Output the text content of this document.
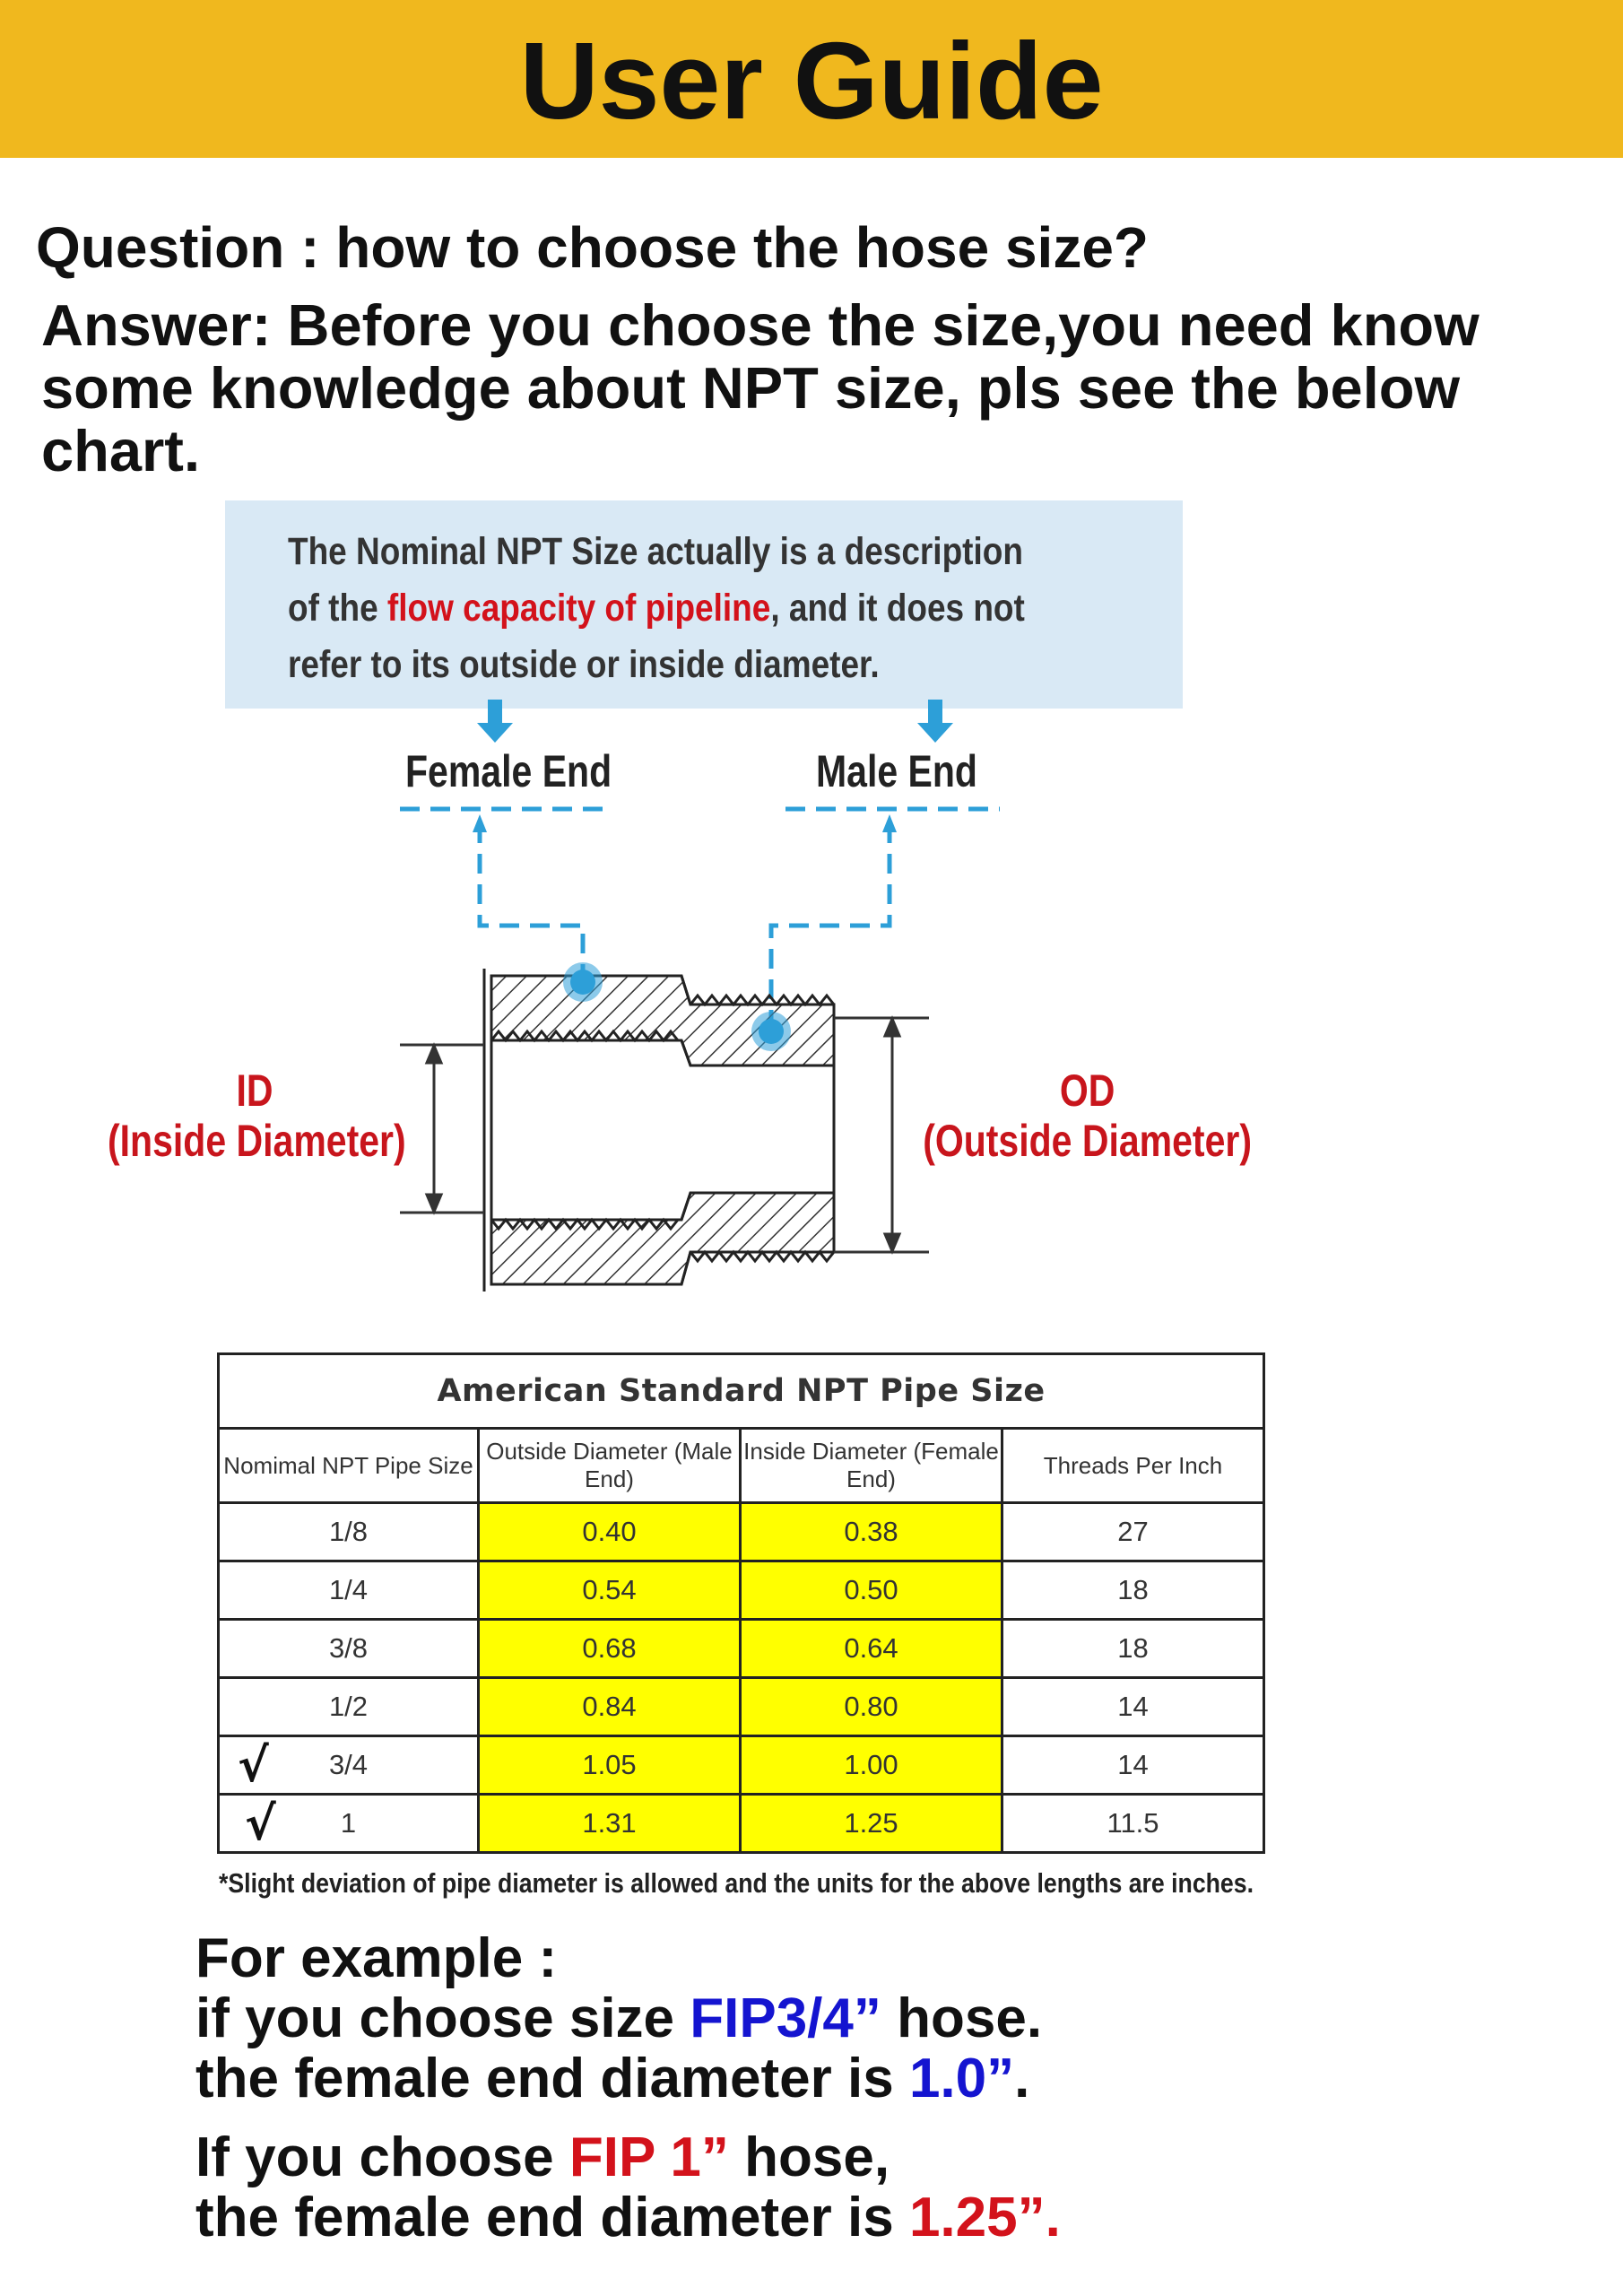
User Guide

Question : how to choose the hose size?

Answer: Before you choose the size,you need know some knowledge about NPT size, pls see the below chart.

The Nominal NPT Size actually is a description of the flow capacity of pipeline, and it does not refer to its outside or inside diameter.
Female End	Male End
ID
(Inside Diameter)
OD
(Outside Diameter)
American Standard NPT Pipe Size			
Nomimal NPT Pipe Size	Outside Diameter (Male End)	Inside Diameter (Female End)	Threads Per Inch

1/8	0.40	0.38	27

1/4	0.54	0.50	18

3/8	0.68	0.64	18

1/2	0.84	0.80	14

√ 3/4	1.05	1.00	14

√ 1	1.31	1.25	11.5
*Slight deviation of pipe diameter is allowed and the units for the above lengths are inches.

For example :

if you choose size FIP3/4” hose.

the female end diameter is 1.0”.

If you choose FIP 1” hose,

the female end diameter is 1.25”.
